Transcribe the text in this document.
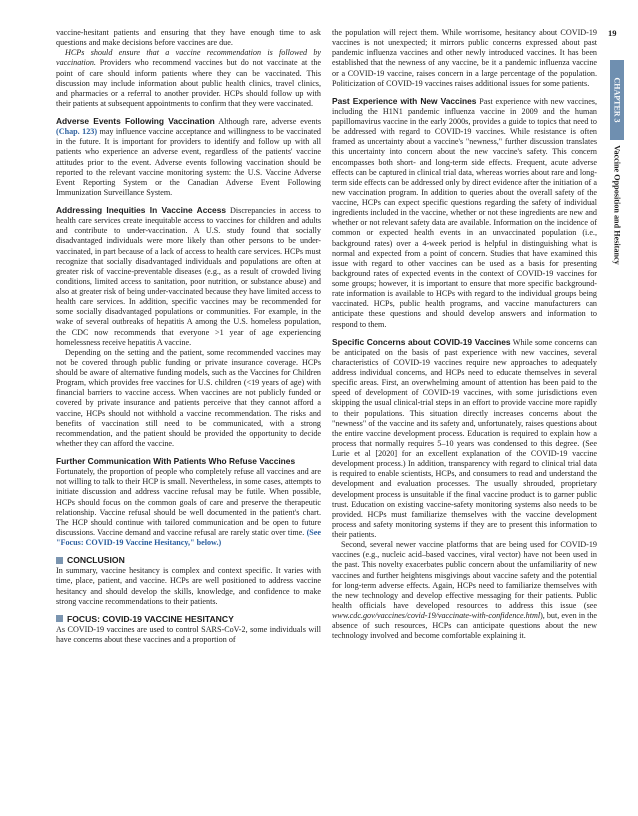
vaccine-hesitant patients and ensuring that they have enough time to ask questions and make decisions before vaccines are due.

HCPs should ensure that a vaccine recommendation is followed by vaccination. Providers who recommend vaccines but do not vaccinate at the point of care should inform patients where they can be vaccinated. This discussion may include information about public health clinics, travel clinics, and pharmacies or a referral to another provider. HCPs should follow up with their patients at subsequent appointments to confirm that they were vaccinated.

Adverse Events Following Vaccination Although rare, adverse events (Chap. 123) may influence vaccine acceptance and willingness to be vaccinated in the future. It is important for providers to identify and follow up with all patients who experience an adverse event, regardless of the patients' vaccine attitudes prior to the event. Adverse events following vaccination should be reported to the relevant vaccine monitoring system: the U.S. Vaccine Adverse Event Reporting System or the Canadian Adverse Event Following Immunization Surveillance System.

Addressing Inequities In Vaccine Access Discrepancies in access to health care services create inequitable access to vaccines for children and adults and contribute to under-vaccination. A U.S. study found that socially disadvantaged individuals were more likely than other persons to be under-vaccinated, in part because of a lack of access to health care services. HCPs must recognize that socially disadvantaged individuals and populations are often at greater risk of vaccine-preventable diseases (e.g., as a result of crowded living conditions, limited access to sanitation, poor nutrition, or substance abuse) and also at greater risk of being under-vaccinated because they have limited access to health care services. In addition, specific vaccines may be recommended for some socially disadvantaged populations or communities. For example, in the wake of several outbreaks of hepatitis A among the U.S. homeless population, the CDC now recommends that everyone >1 year of age experiencing homelessness receive hepatitis A vaccine.

Depending on the setting and the patient, some recommended vaccines may not be covered through public funding or private insurance coverage. HCPs should be aware of alternative funding models, such as the Vaccines for Children Program, which provides free vaccines for U.S. children (<19 years of age) with financial barriers to vaccine access. When vaccines are not publicly funded or covered by private insurance and patients perceive that they cannot afford a vaccine, HCPs should not withhold a vaccine recommendation. The risks and benefits of vaccination still need to be communicated, with a strong recommendation, and the patient should be provided the opportunity to decide whether they can afford the vaccine.

Further Communication With Patients Who Refuse Vaccines

Fortunately, the proportion of people who completely refuse all vaccines and are not willing to talk to their HCP is small. Nevertheless, in some cases, attempts to initiate discussion and address vaccine refusal may be futile. When possible, HCPs should focus on the common goals of care and preserve the therapeutic relationship. Vaccine refusal should be well documented in the patient's chart. The HCP should continue with tailored communication and be open to future discussions. Vaccine demand and vaccine refusal are rarely static over time. (See "Focus: COVID-19 Vaccine Hesitancy," below.)

CONCLUSION

In summary, vaccine hesitancy is complex and context specific. It varies with time, place, patient, and vaccine. HCPs are well positioned to address vaccine hesitancy and should develop the skills, knowledge, and confidence to make strong vaccine recommendations to their patients.

FOCUS: COVID-19 VACCINE HESITANCY

As COVID-19 vaccines are used to control SARS-CoV-2, some individuals will have concerns about these vaccines and a proportion of

the population will reject them. While worrisome, hesitancy about COVID-19 vaccines is not unexpected; it mirrors public concerns expressed about past pandemic influenza vaccines and other newly introduced vaccines. It has been established that the newness of any vaccine, be it a pandemic influenza vaccine or a COVID-19 vaccine, raises concern in a large percentage of the population. Politicization of COVID-19 vaccines raises additional issues for some patients.

Past Experience with New Vaccines Past experience with new vaccines, including the H1N1 pandemic influenza vaccine in 2009 and the human papillomavirus vaccine in the early 2000s, provides a guide to topics that need to be addressed with regard to COVID-19 vaccines. While resistance is often framed as uncertainty about a vaccine's "newness," further discussion translates this uncertainty into concern about the new vaccine's safety. This concern encompasses both short- and long-term side effects. Frequent, acute adverse effects can be captured in clinical trial data, whereas worries about rare and long-term side effects can be addressed only by direct evidence after the initiation of a new vaccination program. In addition to queries about the overall safety of the vaccine, HCPs can expect specific questions regarding the safety of individual ingredients included in the vaccine, whether or not these ingredients are new and whether or not relevant safety data are available. Information on the incidence of common or expected health events in an unvaccinated population (i.e., background rates) over a 4-week period is helpful in distinguishing what is normal and expected from a point of concern. Studies that have examined this issue with regard to other vaccines can be used as a basis for presenting background rates of expected events in the context of COVID-19 vaccines for some groups; however, it is important to ensure that more specific background-rate information is available to HCPs with regard to the individual groups being vaccinated. HCPs, public health programs, and vaccine manufacturers can anticipate these questions and should develop answers and information to respond to them.

Specific Concerns about COVID-19 Vaccines While some concerns can be anticipated on the basis of past experience with new vaccines, several characteristics of COVID-19 vaccines require new approaches to adequately address individual concerns, and HCPs need to educate themselves in several specific areas. First, an overwhelming amount of attention has been paid to the speed of development of COVID-19 vaccines, with some jurisdictions even skipping the usual clinical-trial steps in an effort to provide vaccine more rapidly to their populations. This situation directly increases concerns about the "newness" of the vaccine and its safety and, unfortunately, raises questions about the entire vaccine development process. Education is required to explain how a process that normally requires 5–10 years was condensed to this degree. (See Lurie et al [2020] for an excellent explanation of the COVID-19 vaccine development process.) In addition, transparency with regard to clinical trial data is required to enable scientists, HCPs, and consumers to read and understand the development and evaluation processes. The usually shrouded, proprietary development process is unsuitable if the final vaccine product is to garner public trust. Education on existing vaccine-safety monitoring systems also needs to be provided. HCPs must familiarize themselves with the vaccine development process and safety monitoring systems if they are to present this information to their patients.

Second, several newer vaccine platforms that are being used for COVID-19 vaccines (e.g., nucleic acid–based vaccines, viral vector) have not been used in the past. This novelty exacerbates public concern about the unfamiliarity of new vaccines and further heightens misgivings about vaccine safety and the potential for long-term adverse effects. Again, HCPs need to familiarize themselves with the new technology and develop effective messaging for their patients. Public health officials have developed resources to address this issue (see www.cdc.gov/vaccines/covid-19/vaccinate-with-confidence.html), but, even in the absence of such resources, HCPs can anticipate questions about the new technology involved and become comfortable explaining it.

19
CHAPTER 3
Vaccine Opposition and Hesitancy
